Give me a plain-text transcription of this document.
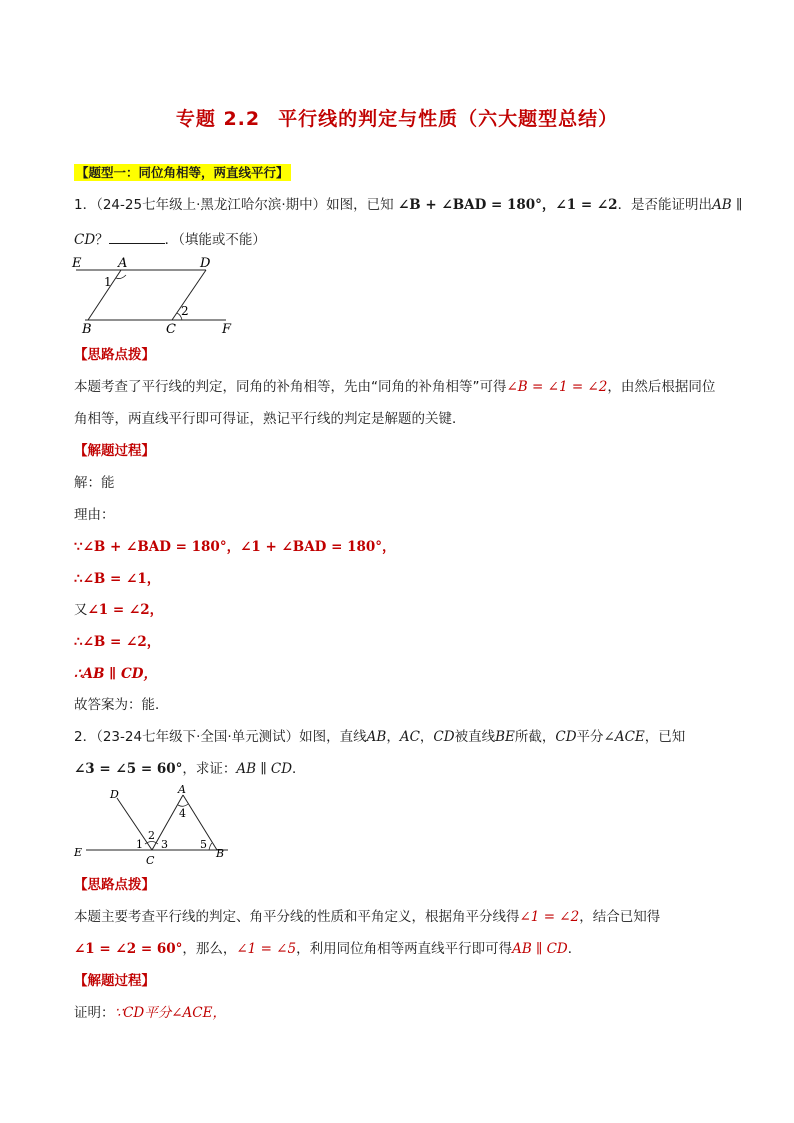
专题 2.2 平行线的判定与性质（六大题型总结）
【题型一：同位角相等，两直线平行】
1．（24-25七年级上·黑龙江哈尔滨·期中）如图，已知 ∠B + ∠BAD = 180°，∠1 = ∠2．是否能证明出AB ∥
CD？	．（填能或不能）
E	A	D
1
2
B	C	F
【思路点拨】
本题考查了平行线的判定，同角的补角相等，先由“同角的补角相等”可得∠B = ∠1 = ∠2，由然后根据同位
角相等，两直线平行即可得证，熟记平行线的判定是解题的关键．
【解题过程】
解：能
理由：
∵∠B + ∠BAD = 180°，∠1 + ∠BAD = 180°，
∴∠B = ∠1，
又∠1 = ∠2，
∴∠B = ∠2，
∴AB ∥ CD，
故答案为：能．
2．（23-24七年级下·全国·单元测试）如图，直线AB，AC，CD被直线BE所截，CD平分∠ACE，已知
∠3 = ∠5 = 60°，求证：AB ∥ CD．
D	A
4
2
1 3	5
E
C
B
【思路点拨】
本题主要考查平行线的判定、角平分线的性质和平角定义，根据角平分线得∠1 = ∠2，结合已知得
∠1 = ∠2 = 60°，那么，∠1 = ∠5，利用同位角相等两直线平行即可得AB ∥ CD．
【解题过程】
证明：∵CD平分∠ACE，
